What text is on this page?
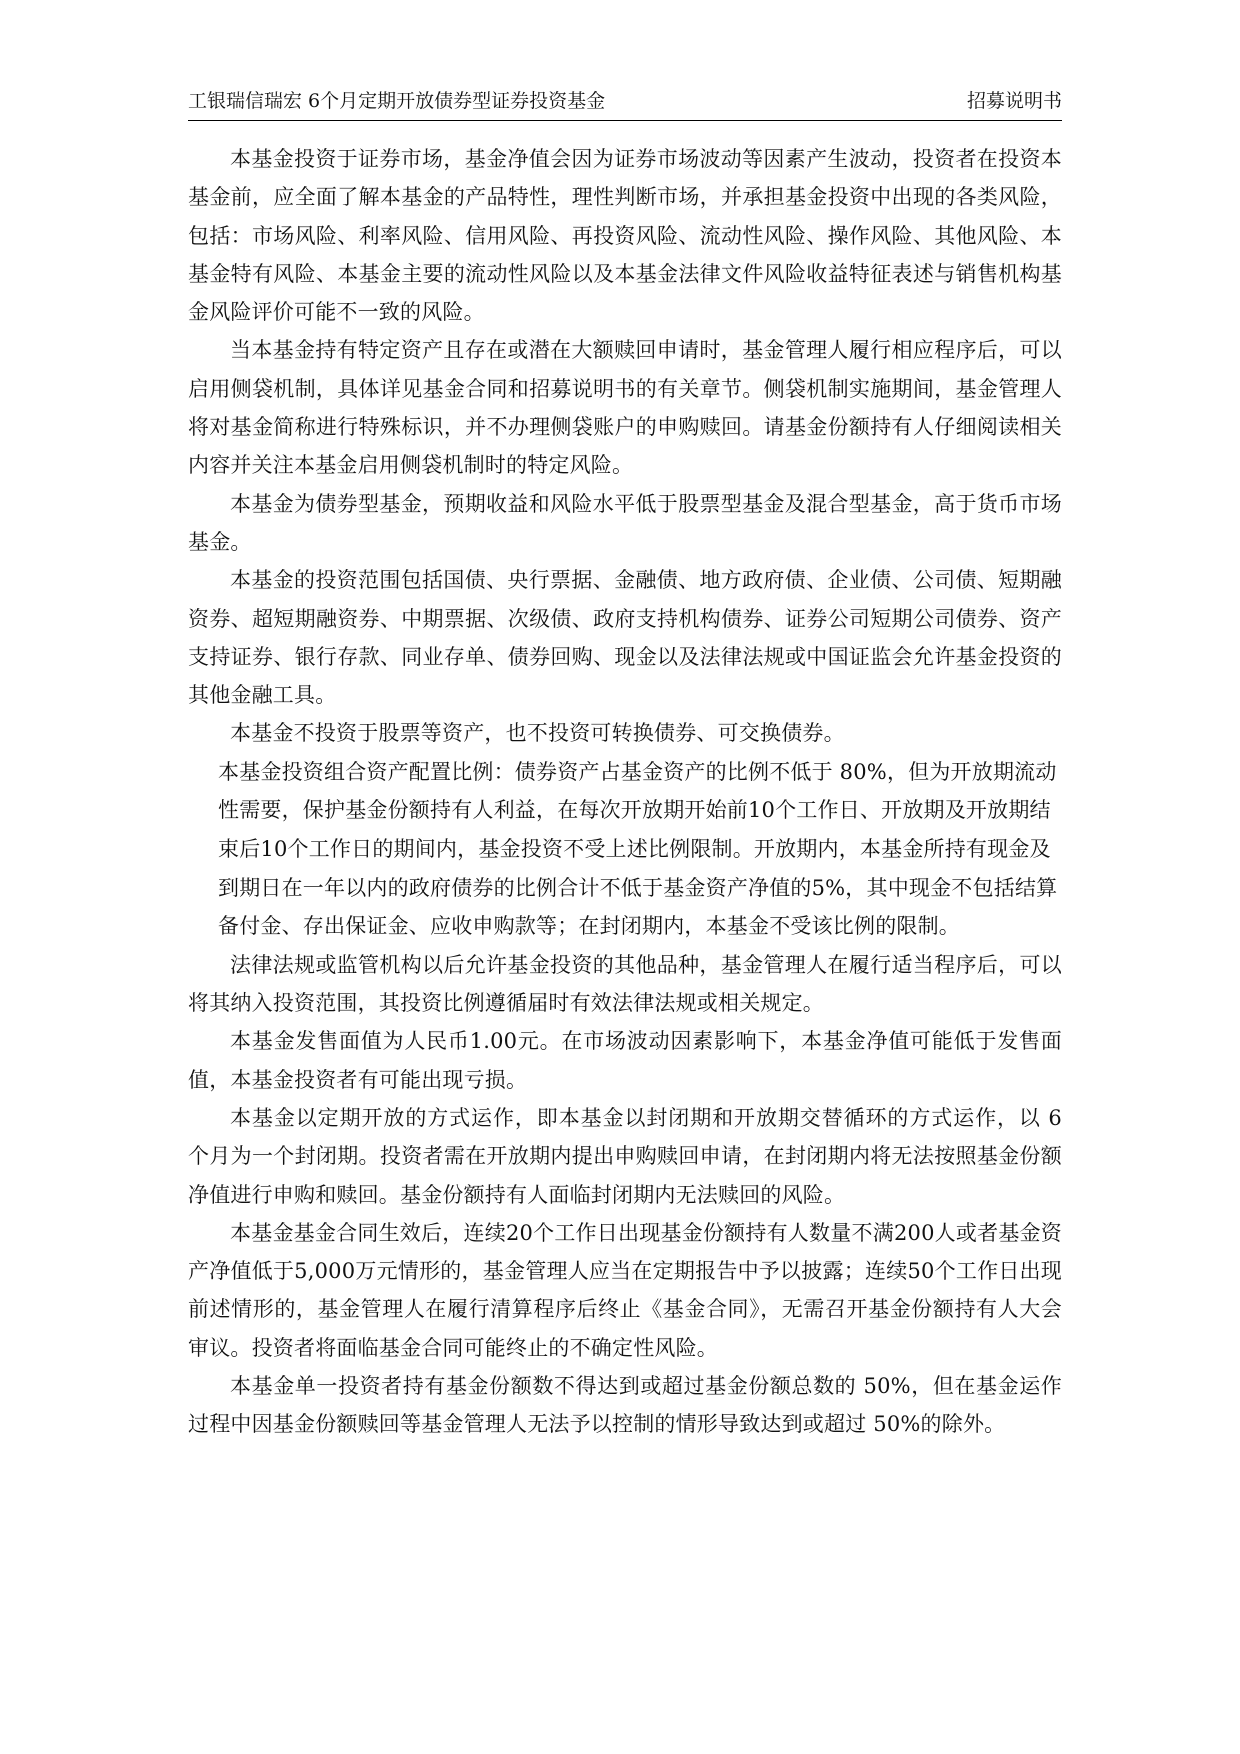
工银瑞信瑞宏 6个月定期开放债券型证券投资基金	招募说明书

本基金投资于证券市场，基金净值会因为证券市场波动等因素产生波动，投资者在投资本基金前，应全面了解本基金的产品特性，理性判断市场，并承担基金投资中出现的各类风险，包括：市场风险、利率风险、信用风险、再投资风险、流动性风险、操作风险、其他风险、本基金特有风险、本基金主要的流动性风险以及本基金法律文件风险收益特征表述与销售机构基金风险评价可能不一致的风险。

当本基金持有特定资产且存在或潜在大额赎回申请时，基金管理人履行相应程序后，可以启用侧袋机制，具体详见基金合同和招募说明书的有关章节。侧袋机制实施期间，基金管理人将对基金简称进行特殊标识，并不办理侧袋账户的申购赎回。请基金份额持有人仔细阅读相关内容并关注本基金启用侧袋机制时的特定风险。

本基金为债券型基金，预期收益和风险水平低于股票型基金及混合型基金，高于货币市场基金。

本基金的投资范围包括国债、央行票据、金融债、地方政府债、企业债、公司债、短期融资券、超短期融资券、中期票据、次级债、政府支持机构债券、证券公司短期公司债券、资产支持证券、银行存款、同业存单、债券回购、现金以及法律法规或中国证监会允许基金投资的其他金融工具。

本基金不投资于股票等资产，也不投资可转换债券、可交换债券。

本基金投资组合资产配置比例：债券资产占基金资产的比例不低于 80%，但为开放期流动性需要，保护基金份额持有人利益，在每次开放期开始前10个工作日、开放期及开放期结束后10个工作日的期间内，基金投资不受上述比例限制。开放期内，本基金所持有现金及到期日在一年以内的政府债券的比例合计不低于基金资产净值的5%，其中现金不包括结算备付金、存出保证金、应收申购款等；在封闭期内，本基金不受该比例的限制。

法律法规或监管机构以后允许基金投资的其他品种，基金管理人在履行适当程序后，可以将其纳入投资范围，其投资比例遵循届时有效法律法规或相关规定。

本基金发售面值为人民币1.00元。在市场波动因素影响下，本基金净值可能低于发售面值，本基金投资者有可能出现亏损。

本基金以定期开放的方式运作，即本基金以封闭期和开放期交替循环的方式运作，以 6 个月为一个封闭期。投资者需在开放期内提出申购赎回申请，在封闭期内将无法按照基金份额净值进行申购和赎回。基金份额持有人面临封闭期内无法赎回的风险。

本基金基金合同生效后，连续20个工作日出现基金份额持有人数量不满200人或者基金资产净值低于5,000万元情形的，基金管理人应当在定期报告中予以披露；连续50个工作日出现前述情形的，基金管理人在履行清算程序后终止《基金合同》，无需召开基金份额持有人大会审议。投资者将面临基金合同可能终止的不确定性风险。

本基金单一投资者持有基金份额数不得达到或超过基金份额总数的 50%，但在基金运作过程中因基金份额赎回等基金管理人无法予以控制的情形导致达到或超过 50%的除外。
